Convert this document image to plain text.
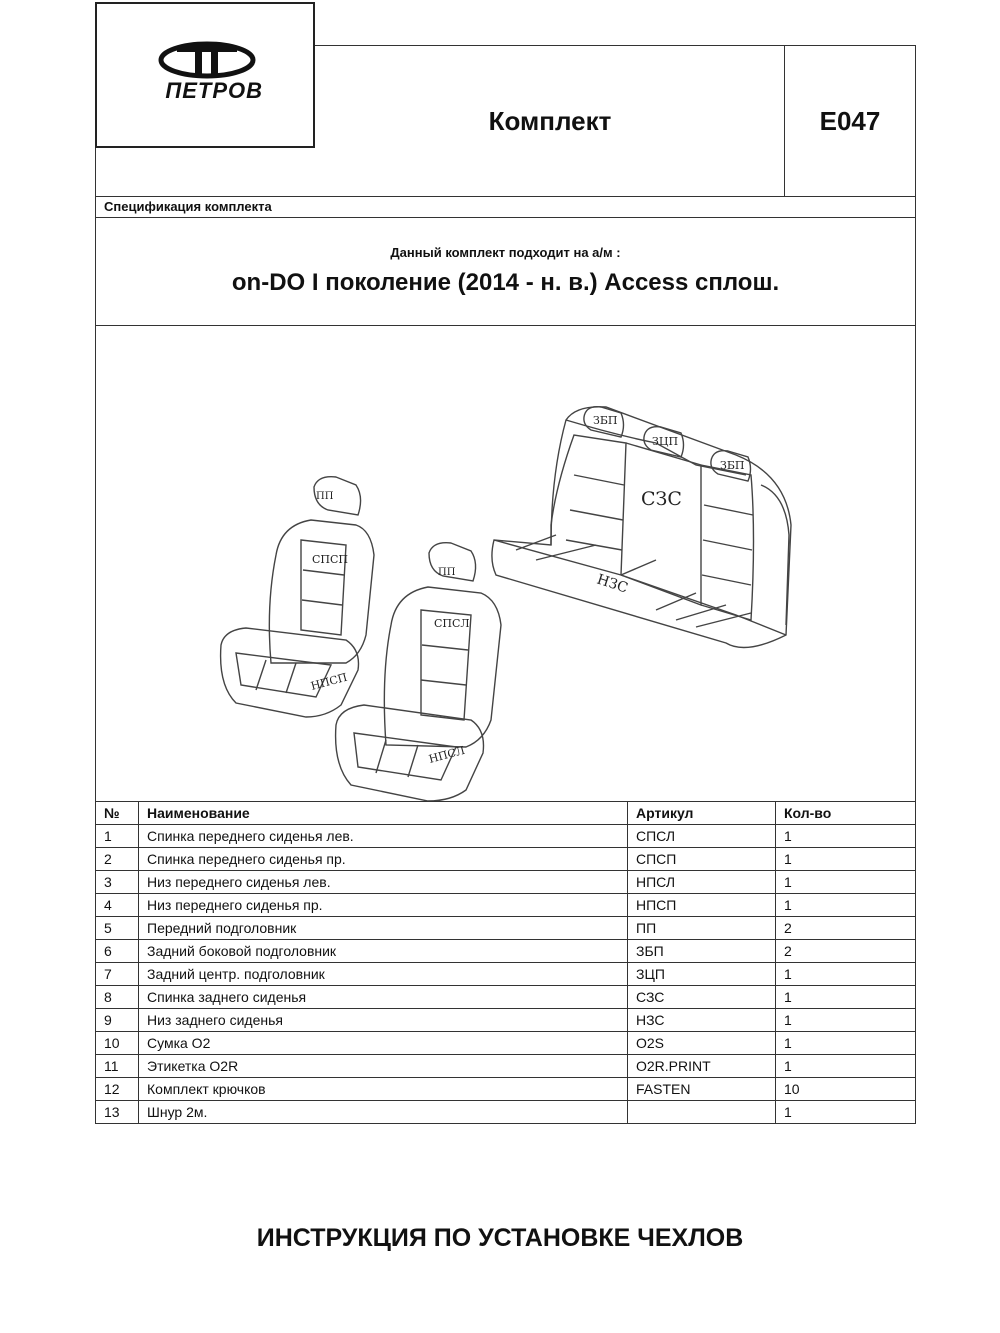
ПЕТРОВ
Комплект	E047
Спецификация комплекта
Данный комплект подходит на а/м :
on-DO I поколение (2014 - н. в.) Access сплош.
ЗБП
ЗЦП
ЗБП
СЗС
НЗС
ПП
СПСП
НПСП
ПП
СПСЛ
НПСЛ
№	Наименование	Артикул	Кол-во
1	Спинка переднего сиденья лев.	СПСЛ	1
2	Спинка переднего сиденья пр.	СПСП	1
3	Низ переднего сиденья лев.	НПСЛ	1
4	Низ переднего сиденья пр.	НПСП	1
5	Передний подголовник	ПП	2
6	Задний боковой подголовник	ЗБП	2
7	Задний центр. подголовник	ЗЦП	1
8	Спинка заднего сиденья	СЗС	1
9	Низ заднего сиденья	НЗС	1
10	Сумка O2	O2S	1
11	Этикетка O2R	O2R.PRINT	1
12	Комплект крючков	FASTEN	10
13	Шнур 2м.		1
ИНСТРУКЦИЯ ПО УСТАНОВКЕ ЧЕХЛОВ
